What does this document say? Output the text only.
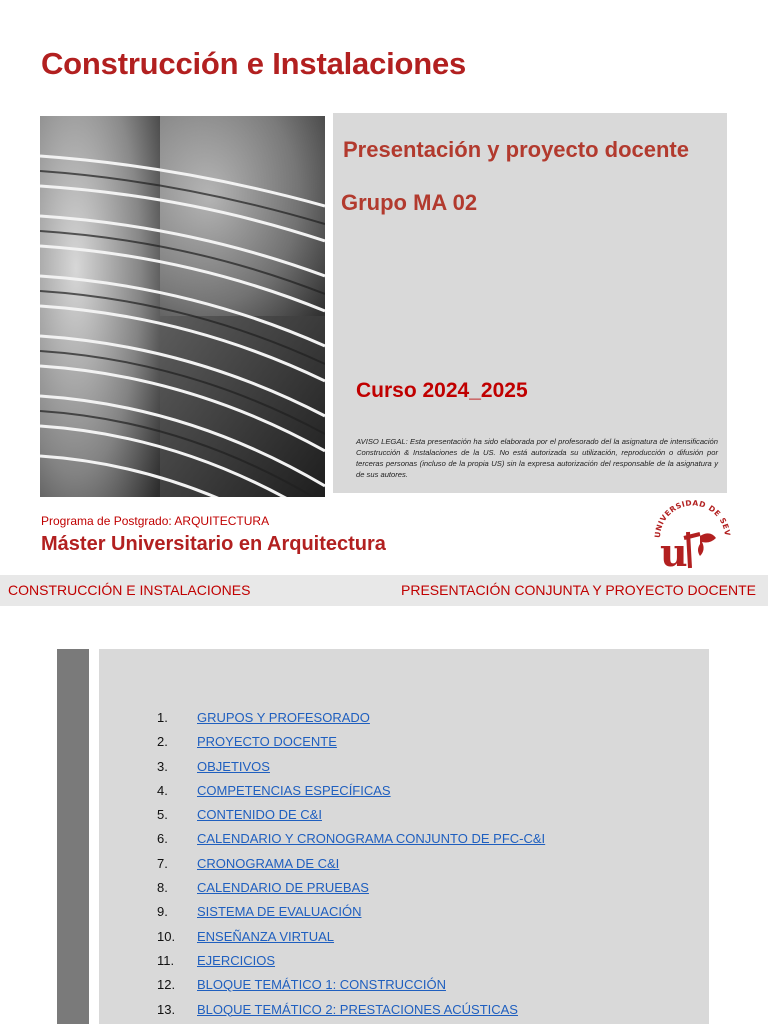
Construcción e Instalaciones
Presentación y proyecto docente
Grupo MA 02
Curso 2024_2025
AVISO LEGAL: Esta presentación ha sido elaborada por el profesorado del la asignatura de intensificación Construcción & Instalaciones de la US. No está autorizada su utilización, reproducción o difusión por terceras personas (incluso de la propia US) sin la expresa autorización del responsable de la asignatura y de sus autores.
Programa de Postgrado: ARQUITECTURA
Máster Universitario en Arquitectura	UNIVERSIDAD DE SEV
u
CONSTRUCCIÓN E INSTALACIONES	PRESENTACIÓN CONJUNTA Y PROYECTO DOCENTE
1.	GRUPOS Y PROFESORADO
2.	PROYECTO DOCENTE
3.	OBJETIVOS
4.	COMPETENCIAS ESPECÍFICAS
5.	CONTENIDO DE C&I
6.	CALENDARIO Y CRONOGRAMA CONJUNTO DE PFC-C&I
7.	CRONOGRAMA DE C&I
8.	CALENDARIO DE PRUEBAS
9.	SISTEMA DE EVALUACIÓN
10.	ENSEÑANZA VIRTUAL
11.	EJERCICIOS
12.	BLOQUE TEMÁTICO 1: CONSTRUCCIÓN
13.	BLOQUE TEMÁTICO 2: PRESTACIONES ACÚSTICAS
